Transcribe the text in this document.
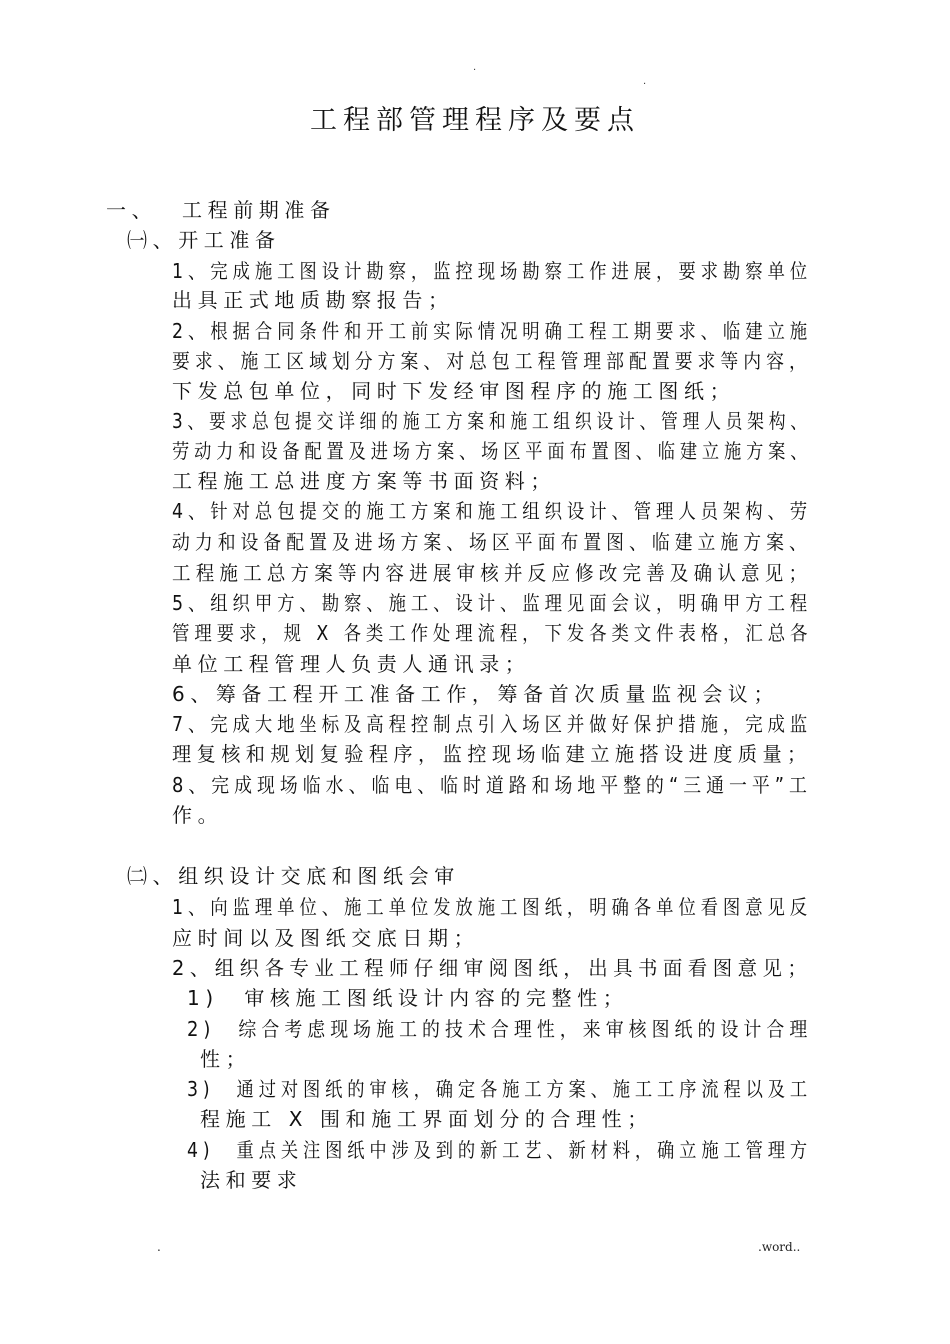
.
.
工程部管理程序及要点
一、 工程前期准备
㈠、开工准备
1、完成施工图设计勘察，监控现场勘察工作进展，要求勘察单位
出具正式地质勘察报告；
2、根据合同条件和开工前实际情况明确工程工期要求、临建立施
要求、施工区域划分方案、对总包工程管理部配置要求等内容，
下发总包单位，同时下发经审图程序的施工图纸；
3、要求总包提交详细的施工方案和施工组织设计、管理人员架构、
劳动力和设备配置及进场方案、场区平面布置图、临建立施方案、
工程施工总进度方案等书面资料；
4、针对总包提交的施工方案和施工组织设计、管理人员架构、劳
动力和设备配置及进场方案、场区平面布置图、临建立施方案、
工程施工总方案等内容进展审核并反应修改完善及确认意见；
5、组织甲方、勘察、施工、设计、监理见面会议，明确甲方工程
管理要求，规 X 各类工作处理流程，下发各类文件表格，汇总各
单位工程管理人负责人通讯录；
6、筹备工程开工准备工作，筹备首次质量监视会议；
7、完成大地坐标及高程控制点引入场区并做好保护措施，完成监
理复核和规划复验程序，监控现场临建立施搭设进度质量；
8、完成现场临水、临电、临时道路和场地平整的“三通一平”工
作。
㈡、组织设计交底和图纸会审
1、向监理单位、施工单位发放施工图纸，明确各单位看图意见反
应时间以及图纸交底日期；
2、组织各专业工程师仔细审阅图纸，出具书面看图意见；
1)　审核施工图纸设计内容的完整性；
2)　综合考虑现场施工的技术合理性，来审核图纸的设计合理
性；
3)　通过对图纸的审核，确定各施工方案、施工工序流程以及工
程施工 X 围和施工界面划分的合理性；
4)　重点关注图纸中涉及到的新工艺、新材料，确立施工管理方
法和要求
.	.word..
